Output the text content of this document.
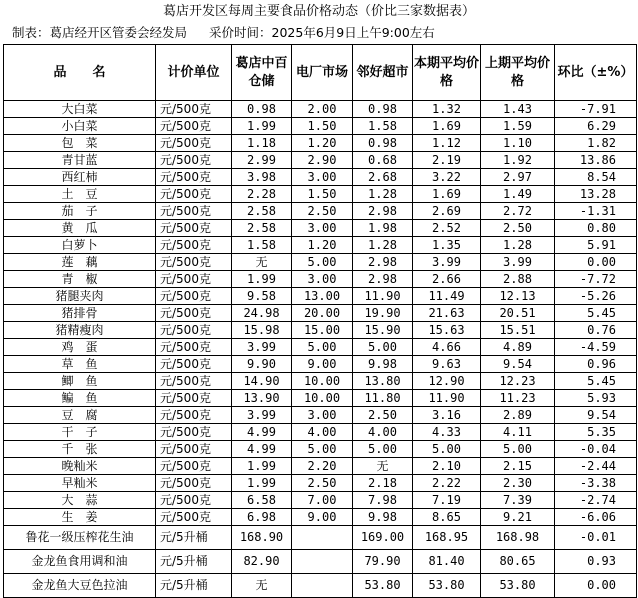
葛店开发区每周主要食品价格动态（价比三家数据表）
制表：葛店经开区管委会经发局 采价时间：2025年6月9日上午9:00左右
品　　名	计价单位	葛店中百仓储	电厂市场	邻好超市	本期平均价格	上期平均价格	环比（±%）
大白菜	元/500克	0.98	2.00	0.98	1.32	1.43	-7.91
小白菜	元/500克	1.99	1.50	1.58	1.69	1.59	6.29
包　菜	元/500克	1.18	1.20	0.98	1.12	1.10	1.82
青甘蓝	元/500克	2.99	2.90	0.68	2.19	1.92	13.86
西红柿	元/500克	3.98	3.00	2.68	3.22	2.97	8.54
土　豆	元/500克	2.28	1.50	1.28	1.69	1.49	13.28
茄　子	元/500克	2.58	2.50	2.98	2.69	2.72	-1.31
黄　瓜	元/500克	2.58	3.00	1.98	2.52	2.50	0.80
白萝卜	元/500克	1.58	1.20	1.28	1.35	1.28	5.91
莲　藕	元/500克	无	5.00	2.98	3.99	3.99	0.00
青　椒	元/500克	1.99	3.00	2.98	2.66	2.88	-7.72
猪腿夹肉	元/500克	9.58	13.00	11.90	11.49	12.13	-5.26
猪排骨	元/500克	24.98	20.00	19.90	21.63	20.51	5.45
猪精瘦肉	元/500克	15.98	15.00	15.90	15.63	15.51	0.76
鸡　蛋	元/500克	3.99	5.00	5.00	4.66	4.89	-4.59
草　鱼	元/500克	9.90	9.00	9.98	9.63	9.54	0.96
鲫　鱼	元/500克	14.90	10.00	13.80	12.90	12.23	5.45
鳊　鱼	元/500克	13.90	10.00	11.80	11.90	11.23	5.93
豆　腐	元/500克	3.99	3.00	2.50	3.16	2.89	9.54
干　子	元/500克	4.99	4.00	4.00	4.33	4.11	5.35
千　张	元/500克	4.99	5.00	5.00	5.00	5.00	-0.04
晚籼米	元/500克	1.99	2.20	无	2.10	2.15	-2.44
早籼米	元/500克	1.99	2.50	2.18	2.22	2.30	-3.38
大　蒜	元/500克	6.58	7.00	7.98	7.19	7.39	-2.74
生　姜	元/500克	6.98	9.00	9.98	8.65	9.21	-6.06
鲁花一级压榨花生油	元/5升桶	168.90		169.00	168.95	168.98	-0.01
金龙鱼食用调和油	元/5升桶	82.90		79.90	81.40	80.65	0.93
金龙鱼大豆色拉油	元/5升桶	无		53.80	53.80	53.80	0.00
